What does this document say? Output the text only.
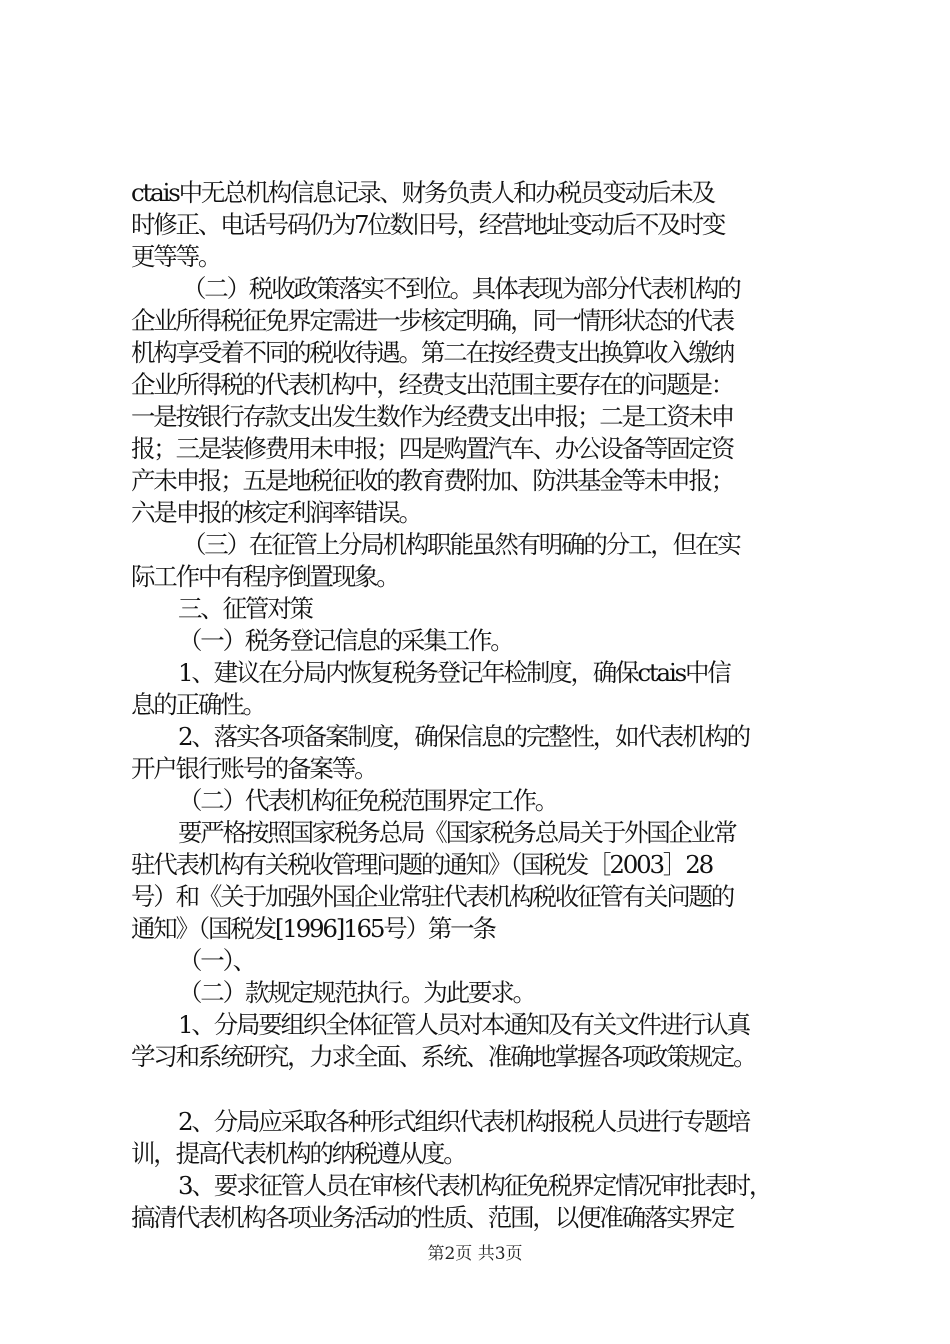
ctais中无总机构信息记录、财务负责人和办税员变动后未及
时修正、电话号码仍为7位数旧号，经营地址变动后不及时变
更等等。
（二）税收政策落实不到位。具体表现为部分代表机构的
企业所得税征免界定需进一步核定明确，同一情形状态的代表
机构享受着不同的税收待遇。第二在按经费支出换算收入缴纳
企业所得税的代表机构中，经费支出范围主要存在的问题是：
一是按银行存款支出发生数作为经费支出申报；二是工资未申
报；三是装修费用未申报；四是购置汽车、办公设备等固定资
产未申报；五是地税征收的教育费附加、防洪基金等未申报；
六是申报的核定利润率错误。
（三）在征管上分局机构职能虽然有明确的分工，但在实
际工作中有程序倒置现象。
三、征管对策
（一）税务登记信息的采集工作。
1、建议在分局内恢复税务登记年检制度，确保ctais中信
息的正确性。
2、落实各项备案制度，确保信息的完整性，如代表机构的
开户银行账号的备案等。
（二）代表机构征免税范围界定工作。
要严格按照国家税务总局《国家税务总局关于外国企业常
驻代表机构有关税收管理问题的通知》（国税发［2003］28
号）和《关于加强外国企业常驻代表机构税收征管有关问题的
通知》（国税发[1996]165号）第一条
（一）、
（二）款规定规范执行。为此要求。
1、分局要组织全体征管人员对本通知及有关文件进行认真
学习和系统研究，力求全面、系统、准确地掌握各项政策规定。
2、分局应采取各种形式组织代表机构报税人员进行专题培
训，提高代表机构的纳税遵从度。
3、要求征管人员在审核代表机构征免税界定情况审批表时，
搞清代表机构各项业务活动的性质、范围，以便准确落实界定
第2页 共3页
